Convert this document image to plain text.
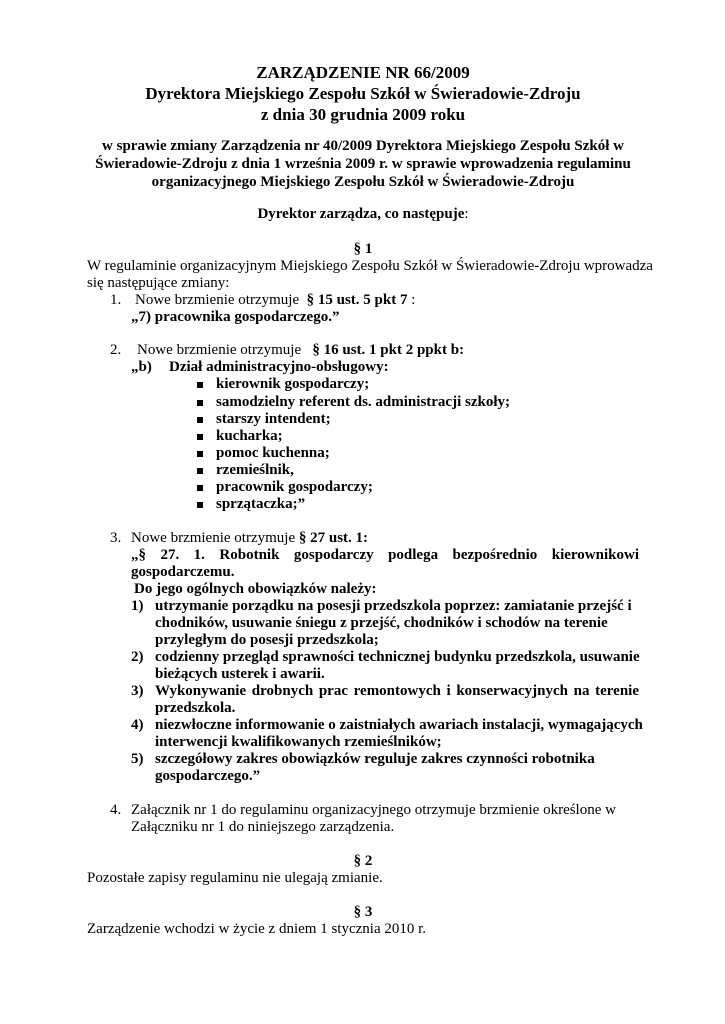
ZARZĄDZENIE NR 66/2009
Dyrektora Miejskiego Zespołu Szkół w Świeradowie-Zdroju
z dnia 30 grudnia 2009 roku
w sprawie zmiany Zarządzenia nr 40/2009 Dyrektora Miejskiego Zespołu Szkół w
Świeradowie-Zdroju z dnia 1 września 2009 r. w sprawie wprowadzenia regulaminu
organizacyjnego Miejskiego Zespołu Szkół w Świeradowie-Zdroju
Dyrektor zarządza, co następuje:
§ 1
W regulaminie organizacyjnym Miejskiego Zespołu Szkół w Świeradowie-Zdroju wprowadza
się następujące zmiany:
1. Nowe brzmienie otrzymuje § 15 ust. 5 pkt 7 :
„7) pracownika gospodarczego.”
2. Nowe brzmienie otrzymuje § 16 ust. 1 pkt 2 ppkt b:
„b) Dział administracyjno-obsługowy:
kierownik gospodarczy;
samodzielny referent ds. administracji szkoły;
starszy intendent;
kucharka;
pomoc kuchenna;
rzemieślnik,
pracownik gospodarczy;
sprzątaczka;”
3. Nowe brzmienie otrzymuje § 27 ust. 1:
„§ 27. 1. Robotnik gospodarczy podlega bezpośrednio kierownikowi
gospodarczemu.
Do jego ogólnych obowiązków należy:
1) utrzymanie porządku na posesji przedszkola poprzez: zamiatanie przejść i
chodników, usuwanie śniegu z przejść, chodników i schodów na terenie
przyległym do posesji przedszkola;
2) codzienny przegląd sprawności technicznej budynku przedszkola, usuwanie
bieżących usterek i awarii.
3) Wykonywanie drobnych prac remontowych i konserwacyjnych na terenie
przedszkola.
4) niezwłoczne informowanie o zaistniałych awariach instalacji, wymagających
interwencji kwalifikowanych rzemieślników;
5) szczegółowy zakres obowiązków reguluje zakres czynności robotnika
gospodarczego.”
4. Załącznik nr 1 do regulaminu organizacyjnego otrzymuje brzmienie określone w
Załączniku nr 1 do niniejszego zarządzenia.
§ 2
Pozostałe zapisy regulaminu nie ulegają zmianie.
§ 3
Zarządzenie wchodzi w życie z dniem 1 stycznia 2010 r.
